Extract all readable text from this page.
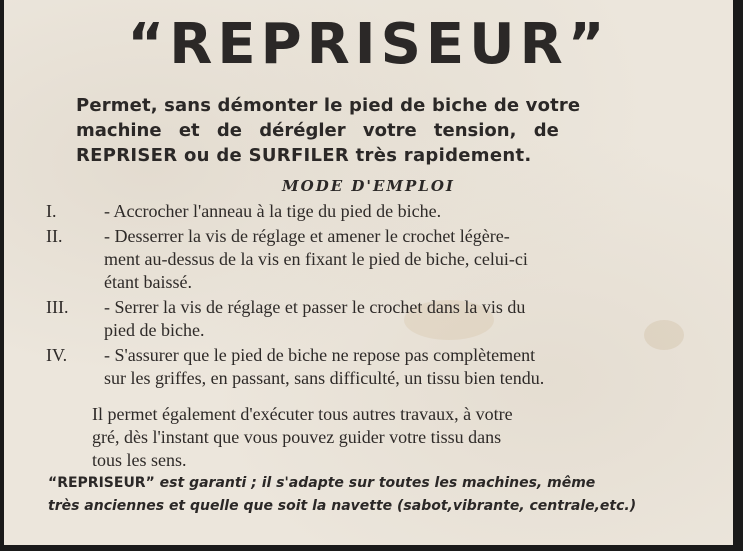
“REPRISEUR”
Permet, sans démonter le pied de biche de votre
machine et de dérégler votre tension, de
REPRISER ou de SURFILER très rapidement.
MODE D'EMPLOI
I.	- Accrocher l'anneau à la tige du pied de biche.
II.	- Desserrer la vis de réglage et amener le crochet légère-
ment au-dessus de la vis en fixant le pied de biche, celui-ci
étant baissé.
III.	- Serrer la vis de réglage et passer le crochet dans la vis du
pied de biche.
IV.	- S'assurer que le pied de biche ne repose pas complètement
sur les griffes, en passant, sans difficulté, un tissu bien tendu.
Il permet également d'exécuter tous autres travaux, à votre
gré, dès l'instant que vous pouvez guider votre tissu dans
tous les sens.
“REPRISEUR” est garanti ; il s'adapte sur toutes les machines, même
très anciennes et quelle que soit la navette (sabot,vibrante, centrale,etc.)
